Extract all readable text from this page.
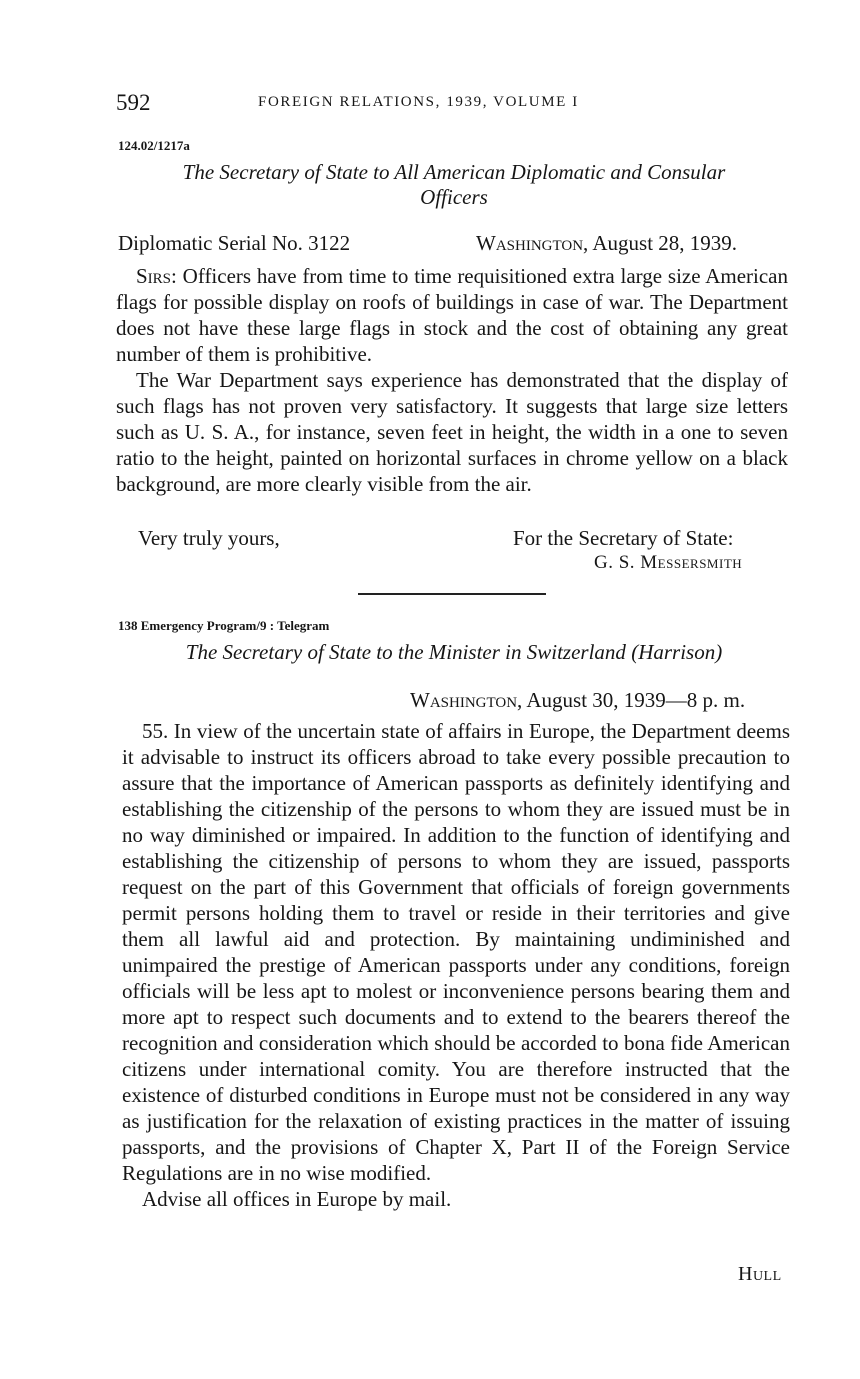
592	FOREIGN RELATIONS, 1939, VOLUME I
124.02/1217a
The Secretary of State to All American Diplomatic and Consular
Officers
Diplomatic Serial No. 3122	Washington, August 28, 1939.

Sirs: Officers have from time to time requisitioned extra large size American flags for possible display on roofs of buildings in case of war. The Department does not have these large flags in stock and the cost of obtaining any great number of them is prohibitive.

The War Department says experience has demonstrated that the display of such flags has not proven very satisfactory. It suggests that large size letters such as U. S. A., for instance, seven feet in height, the width in a one to seven ratio to the height, painted on horizontal surfaces in chrome yellow on a black background, are more clearly visible from the air.

Very truly yours,	For the Secretary of State:
G. S. Messersmith
138 Emergency Program/9 : Telegram
The Secretary of State to the Minister in Switzerland (Harrison)
Washington, August 30, 1939—8 p. m.

55. In view of the uncertain state of affairs in Europe, the Department deems it advisable to instruct its officers abroad to take every possible precaution to assure that the importance of American passports as definitely identifying and establishing the citizenship of the persons to whom they are issued must be in no way diminished or impaired. In addition to the function of identifying and establishing the citizenship of persons to whom they are issued, passports request on the part of this Government that officials of foreign governments permit persons holding them to travel or reside in their territories and give them all lawful aid and protection. By maintaining undiminished and unimpaired the prestige of American passports under any conditions, foreign officials will be less apt to molest or inconvenience persons bearing them and more apt to respect such documents and to extend to the bearers thereof the recognition and consideration which should be accorded to bona fide American citizens under international comity. You are therefore instructed that the existence of disturbed conditions in Europe must not be considered in any way as justification for the relaxation of existing practices in the matter of issuing passports, and the provisions of Chapter X, Part II of the Foreign Service Regulations are in no wise modified.

Advise all offices in Europe by mail.

Hull
